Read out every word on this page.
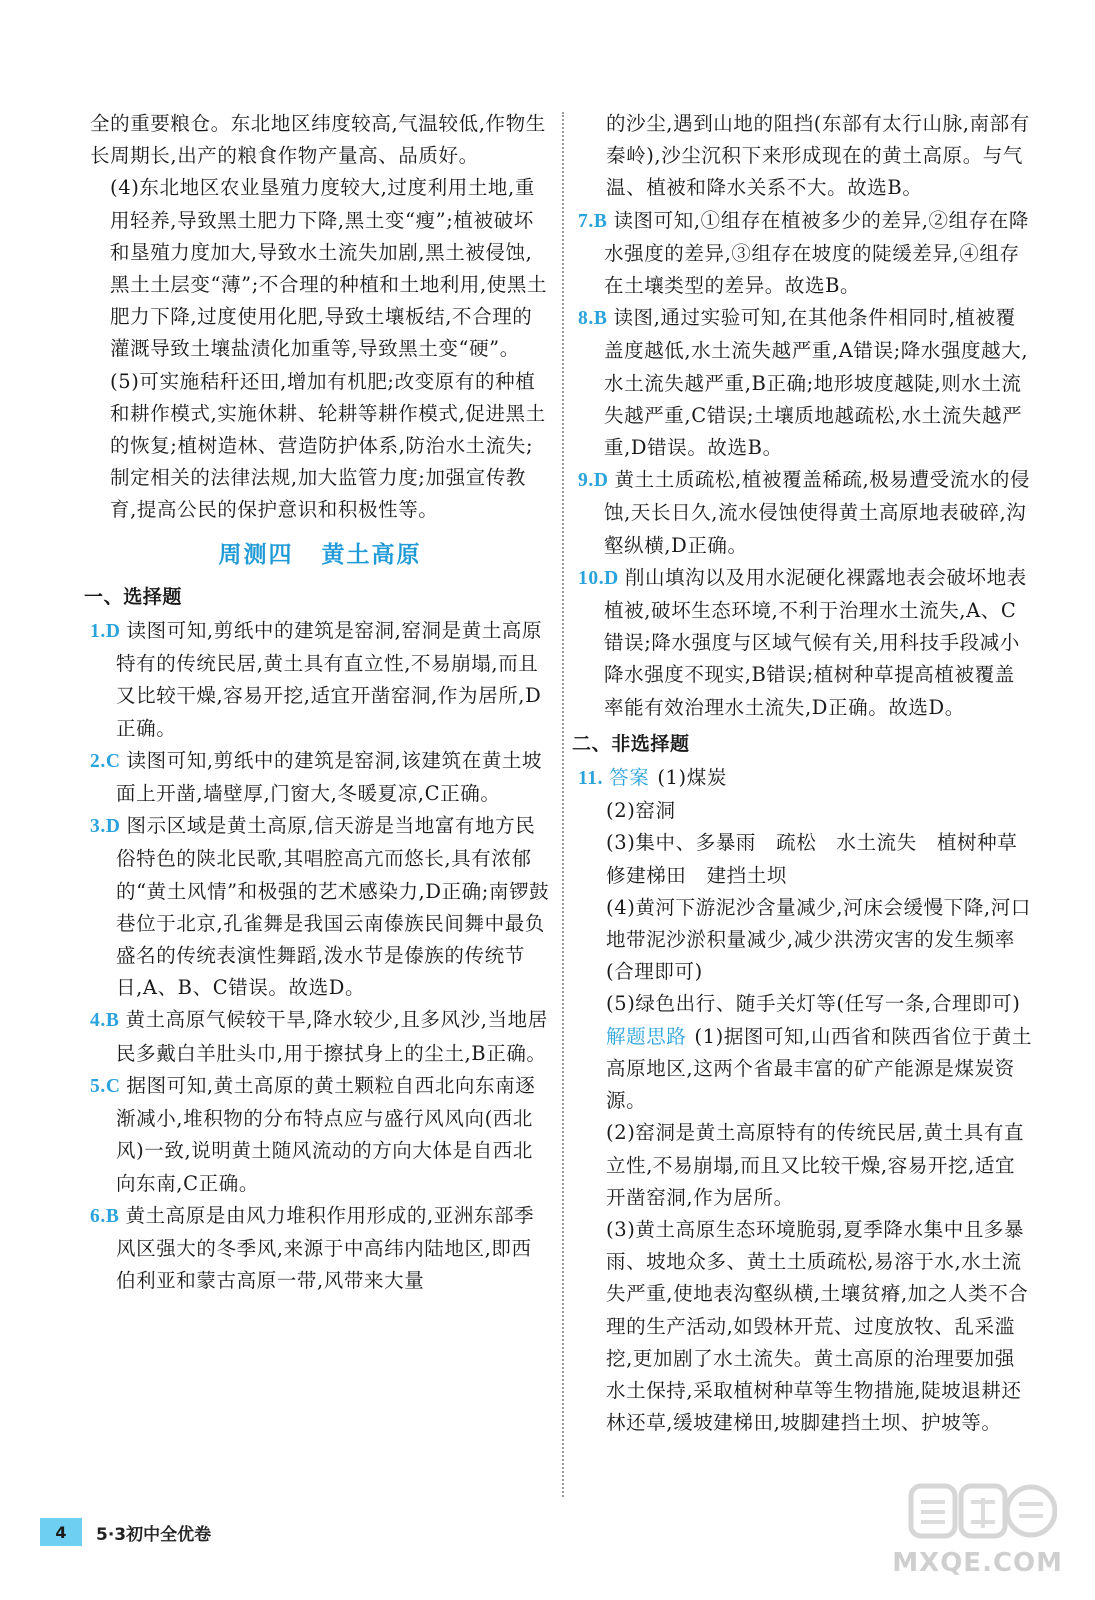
全的重要粮仓。东北地区纬度较高,气温较低,作物生长周期长,出产的粮食作物产量高、品质好。

(4)东北地区农业垦殖力度较大,过度利用土地,重用轻养,导致黑土肥力下降,黑土变“瘦”;植被破坏和垦殖力度加大,导致水土流失加剧,黑土被侵蚀,黑土土层变“薄”;不合理的种植和土地利用,使黑土肥力下降,过度使用化肥,导致土壤板结,不合理的灌溉导致土壤盐渍化加重等,导致黑土变“硬”。

(5)可实施秸秆还田,增加有机肥;改变原有的种植和耕作模式,实施休耕、轮耕等耕作模式,促进黑土的恢复;植树造林、营造防护体系,防治水土流失;制定相关的法律法规,加大监管力度;加强宣传教育,提高公民的保护意识和积极性等。

周测四 黄土高原
一、选择题

1.D 读图可知,剪纸中的建筑是窑洞,窑洞是黄土高原特有的传统民居,黄土具有直立性,不易崩塌,而且又比较干燥,容易开挖,适宜开凿窑洞,作为居所,D正确。

2.C 读图可知,剪纸中的建筑是窑洞,该建筑在黄土坡面上开凿,墙壁厚,门窗大,冬暖夏凉,C正确。

3.D 图示区域是黄土高原,信天游是当地富有地方民俗特色的陕北民歌,其唱腔高亢而悠长,具有浓郁的“黄土风情”和极强的艺术感染力,D正确;南锣鼓巷位于北京,孔雀舞是我国云南傣族民间舞中最负盛名的传统表演性舞蹈,泼水节是傣族的传统节日,A、B、C错误。故选D。

4.B 黄土高原气候较干旱,降水较少,且多风沙,当地居民多戴白羊肚头巾,用于擦拭身上的尘土,B正确。

5.C 据图可知,黄土高原的黄土颗粒自西北向东南逐渐减小,堆积物的分布特点应与盛行风风向(西北风)一致,说明黄土随风流动的方向大体是自西北向东南,C正确。

6.B 黄土高原是由风力堆积作用形成的,亚洲东部季风区强大的冬季风,来源于中高纬内陆地区,即西伯利亚和蒙古高原一带,风带来大量

的沙尘,遇到山地的阻挡(东部有太行山脉,南部有秦岭),沙尘沉积下来形成现在的黄土高原。与气温、植被和降水关系不大。故选B。

7.B 读图可知,①组存在植被多少的差异,②组存在降水强度的差异,③组存在坡度的陡缓差异,④组存在土壤类型的差异。故选B。

8.B 读图,通过实验可知,在其他条件相同时,植被覆盖度越低,水土流失越严重,A错误;降水强度越大,水土流失越严重,B正确;地形坡度越陡,则水土流失越严重,C错误;土壤质地越疏松,水土流失越严重,D错误。故选B。

9.D 黄土土质疏松,植被覆盖稀疏,极易遭受流水的侵蚀,天长日久,流水侵蚀使得黄土高原地表破碎,沟壑纵横,D正确。

10.D 削山填沟以及用水泥硬化裸露地表会破坏地表植被,破坏生态环境,不利于治理水土流失,A、C错误;降水强度与区域气候有关,用科技手段减小降水强度不现实,B错误;植树种草提高植被覆盖率能有效治理水土流失,D正确。故选D。

二、非选择题

11. 答案 (1)煤炭

(2)窑洞

(3)集中、多暴雨　疏松　水土流失　植树种草　修建梯田　建挡土坝

(4)黄河下游泥沙含量减少,河床会缓慢下降,河口地带泥沙淤积量减少,减少洪涝灾害的发生频率(合理即可)

(5)绿色出行、随手关灯等(任写一条,合理即可)

解题思路 (1)据图可知,山西省和陕西省位于黄土高原地区,这两个省最丰富的矿产能源是煤炭资源。

(2)窑洞是黄土高原特有的传统民居,黄土具有直立性,不易崩塌,而且又比较干燥,容易开挖,适宜开凿窑洞,作为居所。

(3)黄土高原生态环境脆弱,夏季降水集中且多暴雨、坡地众多、黄土土质疏松,易溶于水,水土流失严重,使地表沟壑纵横,土壤贫瘠,加之人类不合理的生产活动,如毁林开荒、过度放牧、乱采滥挖,更加剧了水土流失。黄土高原的治理要加强水土保持,采取植树种草等生物措施,陡坡退耕还林还草,缓坡建梯田,坡脚建挡土坝、护坡等。

4	5·3初中全优卷
MXQE.COM
